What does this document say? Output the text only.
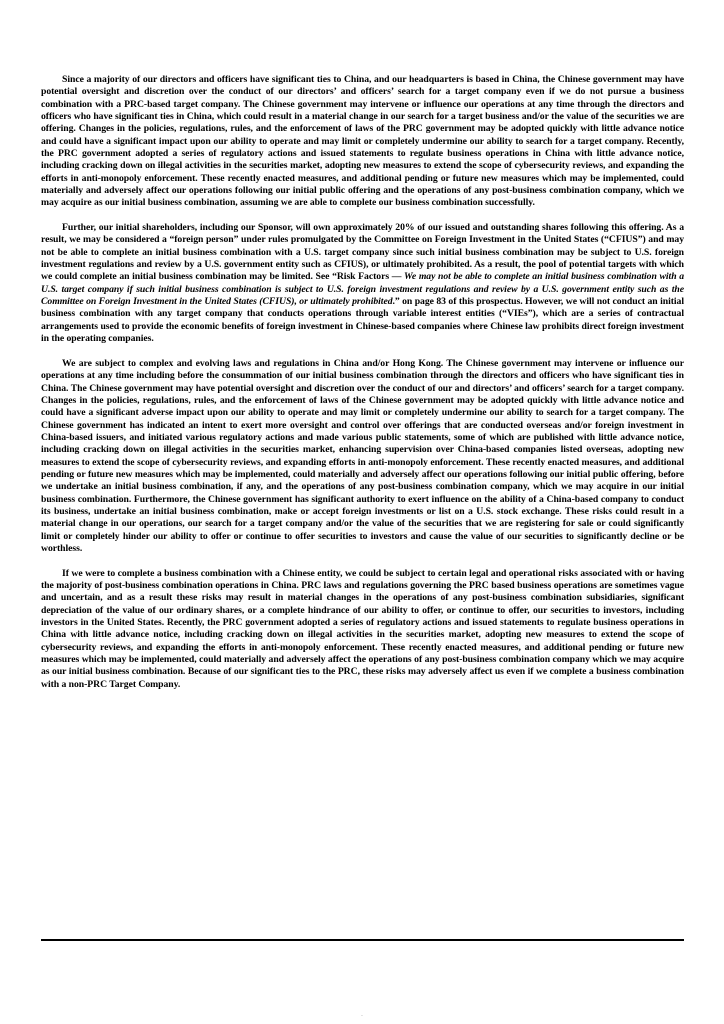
Since a majority of our directors and officers have significant ties to China, and our headquarters is based in China, the Chinese government may have potential oversight and discretion over the conduct of our directors’ and officers’ search for a target company even if we do not pursue a business combination with a PRC-based target company. The Chinese government may intervene or influence our operations at any time through the directors and officers who have significant ties in China, which could result in a material change in our search for a target business and/or the value of the securities we are offering. Changes in the policies, regulations, rules, and the enforcement of laws of the PRC government may be adopted quickly with little advance notice and could have a significant impact upon our ability to operate and may limit or completely undermine our ability to search for a target company. Recently, the PRC government adopted a series of regulatory actions and issued statements to regulate business operations in China with little advance notice, including cracking down on illegal activities in the securities market, adopting new measures to extend the scope of cybersecurity reviews, and expanding the efforts in anti-monopoly enforcement. These recently enacted measures, and additional pending or future new measures which may be implemented, could materially and adversely affect our operations following our initial public offering and the operations of any post-business combination company, which we may acquire as our initial business combination, assuming we are able to complete our business combination successfully.

Further, our initial shareholders, including our Sponsor, will own approximately 20% of our issued and outstanding shares following this offering. As a result, we may be considered a “foreign person” under rules promulgated by the Committee on Foreign Investment in the United States (“CFIUS”) and may not be able to complete an initial business combination with a U.S. target company since such initial business combination may be subject to U.S. foreign investment regulations and review by a U.S. government entity such as CFIUS), or ultimately prohibited. As a result, the pool of potential targets with which we could complete an initial business combination may be limited. See “Risk Factors — We may not be able to complete an initial business combination with a U.S. target company if such initial business combination is subject to U.S. foreign investment regulations and review by a U.S. government entity such as the Committee on Foreign Investment in the United States (CFIUS), or ultimately prohibited.” on page 83 of this prospectus. However, we will not conduct an initial business combination with any target company that conducts operations through variable interest entities (“VIEs”), which are a series of contractual arrangements used to provide the economic benefits of foreign investment in Chinese-based companies where Chinese law prohibits direct foreign investment in the operating companies.

We are subject to complex and evolving laws and regulations in China and/or Hong Kong. The Chinese government may intervene or influence our operations at any time including before the consummation of our initial business combination through the directors and officers who have significant ties in China. The Chinese government may have potential oversight and discretion over the conduct of our and directors’ and officers’ search for a target company. Changes in the policies, regulations, rules, and the enforcement of laws of the Chinese government may be adopted quickly with little advance notice and could have a significant adverse impact upon our ability to operate and may limit or completely undermine our ability to search for a target company. The Chinese government has indicated an intent to exert more oversight and control over offerings that are conducted overseas and/or foreign investment in China-based issuers, and initiated various regulatory actions and made various public statements, some of which are published with little advance notice, including cracking down on illegal activities in the securities market, enhancing supervision over China-based companies listed overseas, adopting new measures to extend the scope of cybersecurity reviews, and expanding efforts in anti-monopoly enforcement. These recently enacted measures, and additional pending or future new measures which may be implemented, could materially and adversely affect our operations following our initial public offering, before we undertake an initial business combination, if any, and the operations of any post-business combination company, which we may acquire in our initial business combination. Furthermore, the Chinese government has significant authority to exert influence on the ability of a China-based company to conduct its business, undertake an initial business combination, make or accept foreign investments or list on a U.S. stock exchange. These risks could result in a material change in our operations, our search for a target company and/or the value of the securities that we are registering for sale or could significantly limit or completely hinder our ability to offer or continue to offer securities to investors and cause the value of our securities to significantly decline or be worthless.

If we were to complete a business combination with a Chinese entity, we could be subject to certain legal and operational risks associated with or having the majority of post-business combination operations in China. PRC laws and regulations governing the PRC based business operations are sometimes vague and uncertain, and as a result these risks may result in material changes in the operations of any post-business combination subsidiaries, significant depreciation of the value of our ordinary shares, or a complete hindrance of our ability to offer, or continue to offer, our securities to investors, including investors in the United States. Recently, the PRC government adopted a series of regulatory actions and issued statements to regulate business operations in China with little advance notice, including cracking down on illegal activities in the securities market, adopting new measures to extend the scope of cybersecurity reviews, and expanding the efforts in anti-monopoly enforcement. These recently enacted measures, and additional pending or future new measures which may be implemented, could materially and adversely affect the operations of any post-business combination company which we may acquire as our initial business combination. Because of our significant ties to the PRC, these risks may adversely affect us even if we complete a business combination with a non-PRC Target Company.

-
